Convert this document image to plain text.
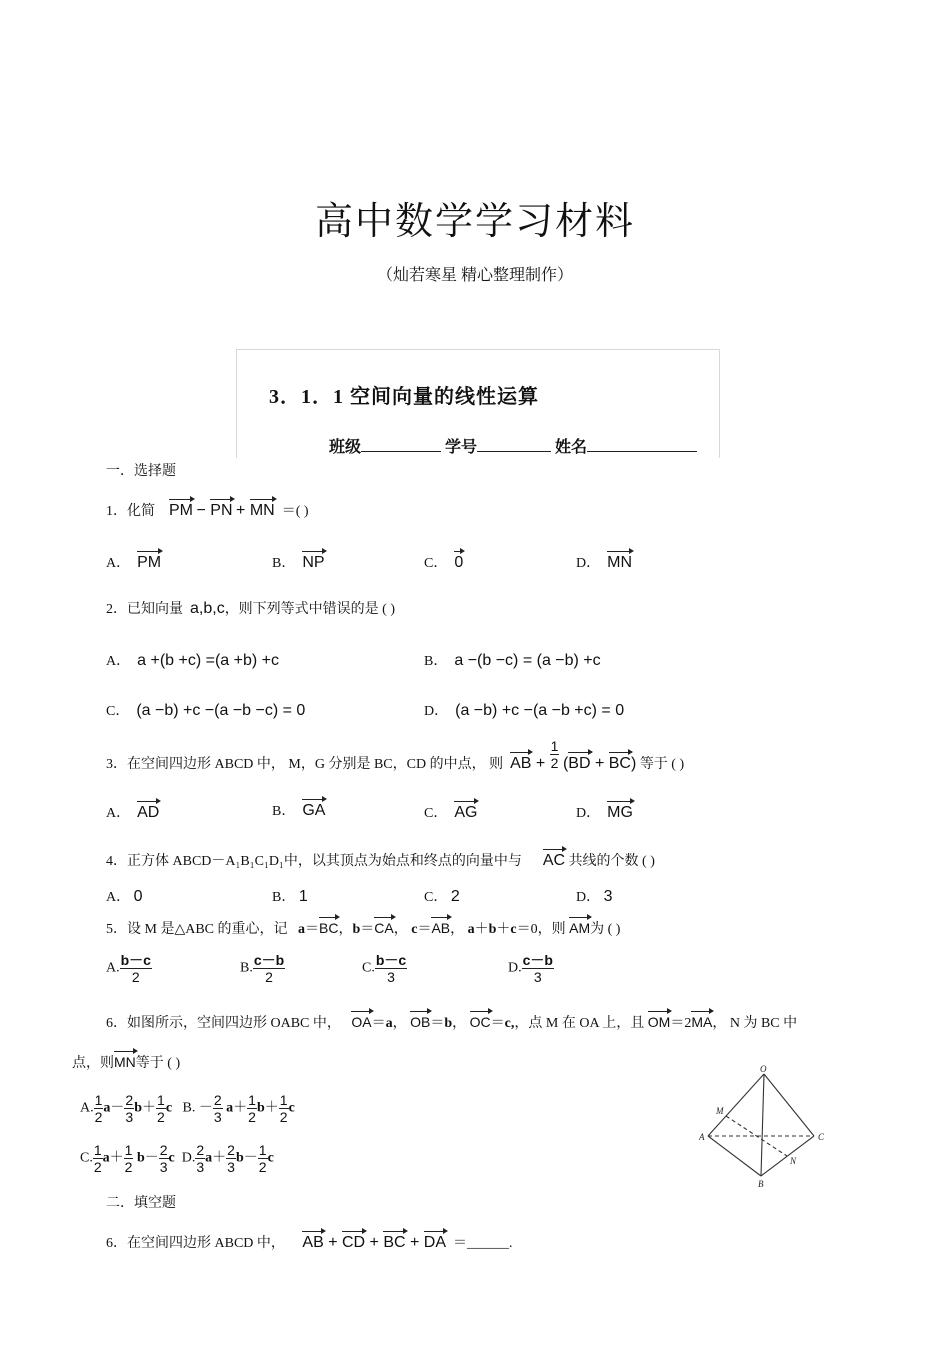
高中数学学习材料
（灿若寒星 精心整理制作）
3．1．1 空间向量的线性运算
班级	学号	姓名
一．选择题
1．化简 PM − PN + MN ＝( )
A． PM	B． NP	C． 0	D． MN
2．已知向量 a,b,c，则下列等式中错误的是 ( )
A． a +(b +c) =(a +b) +c	B． a −(b −c) = (a −b) +c
C． (a −b) +c −(a −b −c) = 0	D． (a −b) +c −(a −b +c) = 0
3．在空间四边形 ABCD 中， M，G 分别是 BC，CD 的中点， 则 AB + $\frac{1}{2} (BD + BC)$ 等于 ( )
A． AD	B． GA	C． AG	D． MG
4．正方体 ABCD－A₁B₁C₁D₁中，以其顶点为始点和终点的向量中与 AC 共线的个数 ( )
A． 0	B． 1	C． 2	D． 3
5．设 M 是△ABC 的重心，记 a＝BC，b＝CA， c＝AB， a＋b＋c＝0，则 AM为 ( )
A. $\frac{b-c}{2}$	B. $\frac{c-b}{2}$	C. $\frac{b-c}{3}$	D. $\frac{c-b}{3}$
6．如图所示，空间四边形 OABC 中， OA＝a， OB＝b， OC＝c,，点 M 在 OA 上，且 OM＝2MA， N 为 BC 中
点，则MN等于 ( )
A. $\frac{1}{2} a- \frac{2}{3} b+ \frac{1}{2}$ c B. － $\frac{2}{3} a+ \frac{1}{2} b+ \frac{1}{2}$ c
C. $\frac{1}{2} a+ \frac{1}{2} b- \frac{2}{3}$ c D. $\frac{2}{3} a+ \frac{2}{3} b- \frac{1}{2}$ c
O
M
A	C
N
B
二．填空题
6．在空间四边形 ABCD 中， AB + CD + BC + DA ＝______.
